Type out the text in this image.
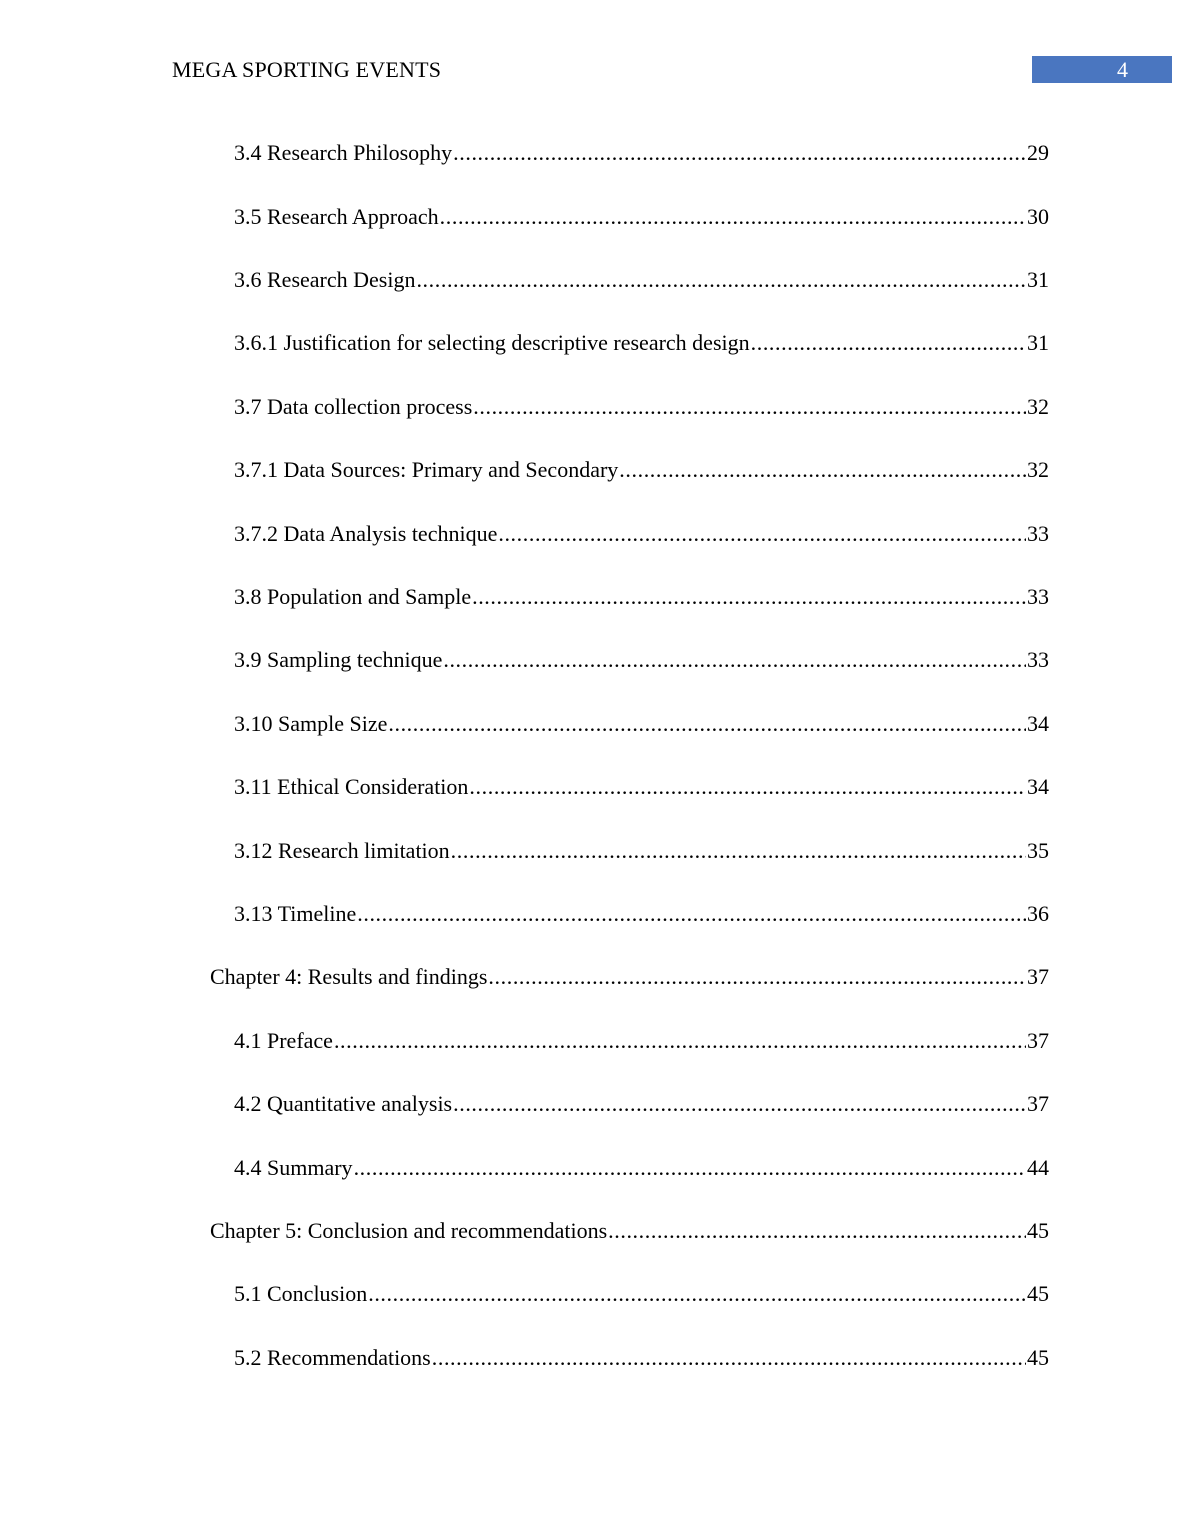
MEGA SPORTING EVENTS	4
3.4 Research Philosophy .....	29
3.5 Research Approach .....	30
3.6 Research Design .....	31
3.6.1 Justification for selecting descriptive research design .....	31
3.7 Data collection process .....	32
3.7.1 Data Sources: Primary and Secondary .....	32
3.7.2 Data Analysis technique .....	33
3.8 Population and Sample .....	33
3.9 Sampling technique .....	33
3.10 Sample Size .....	34
3.11 Ethical Consideration .....	34
3.12 Research limitation .....	35
3.13 Timeline .....	36
Chapter 4: Results and findings .....	37
4.1 Preface .....	37
4.2 Quantitative analysis .....	37
4.4 Summary .....	44
Chapter 5: Conclusion and recommendations .....	45
5.1 Conclusion .....	45
5.2 Recommendations .....	45
